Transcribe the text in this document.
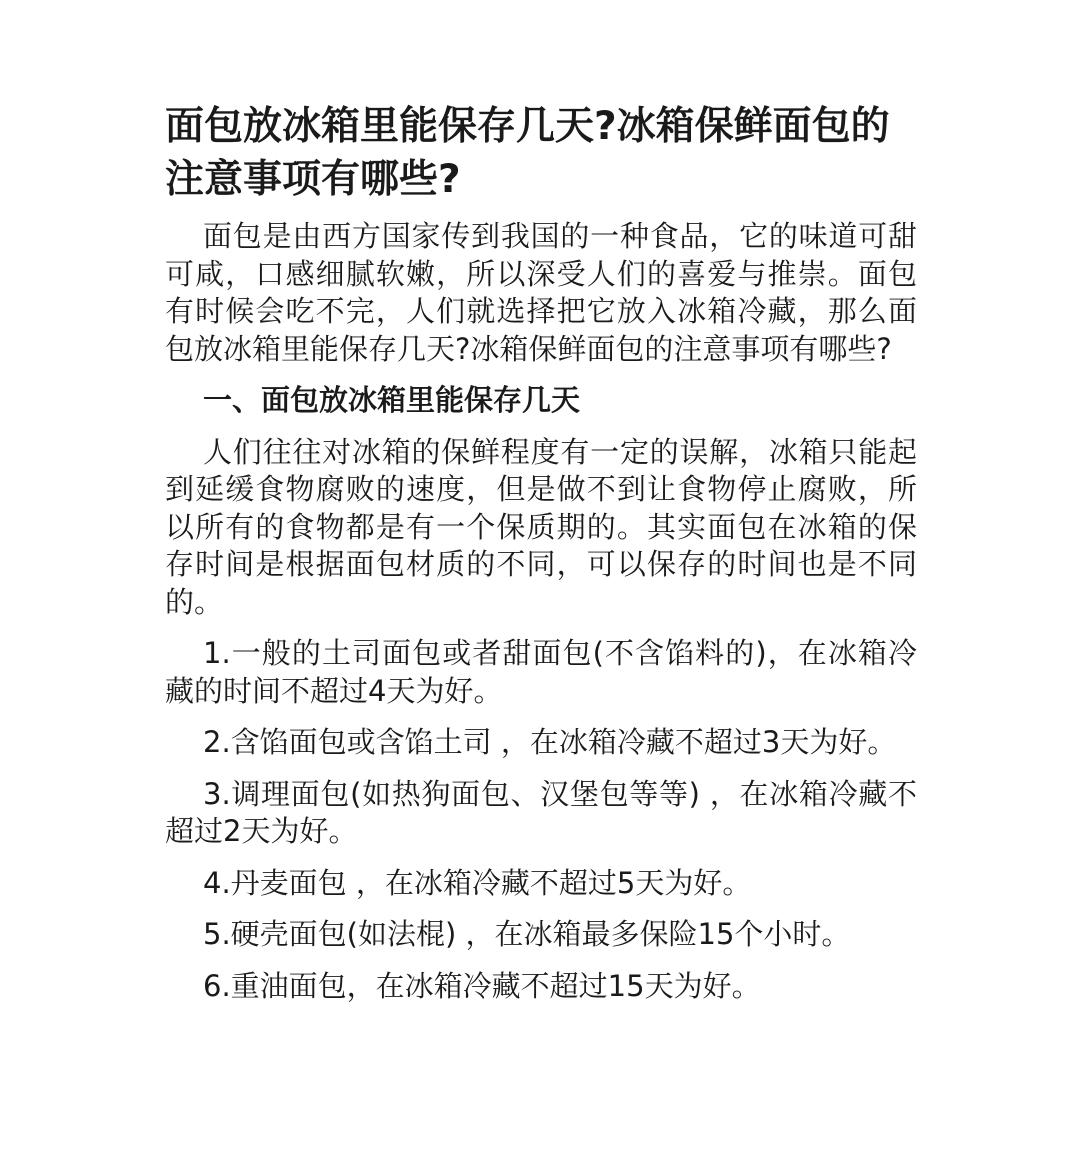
面包放冰箱里能保存几天?冰箱保鲜面包的注意事项有哪些?

面包是由西方国家传到我国的一种食品，它的味道可甜可咸，口感细腻软嫩，所以深受人们的喜爱与推崇。面包有时候会吃不完，人们就选择把它放入冰箱冷藏，那么面包放冰箱里能保存几天?冰箱保鲜面包的注意事项有哪些?

一、面包放冰箱里能保存几天

人们往往对冰箱的保鲜程度有一定的误解，冰箱只能起到延缓食物腐败的速度，但是做不到让食物停止腐败，所以所有的食物都是有一个保质期的。其实面包在冰箱的保存时间是根据面包材质的不同，可以保存的时间也是不同的。

1.一般的土司面包或者甜面包(不含馅料的)，在冰箱冷藏的时间不超过4天为好。

2.含馅面包或含馅土司 ，在冰箱冷藏不超过3天为好。

3.调理面包(如热狗面包、汉堡包等等) ，在冰箱冷藏不超过2天为好。

4.丹麦面包 ，在冰箱冷藏不超过5天为好。

5.硬壳面包(如法棍) ，在冰箱最多保险15个小时。

6.重油面包，在冰箱冷藏不超过15天为好。
